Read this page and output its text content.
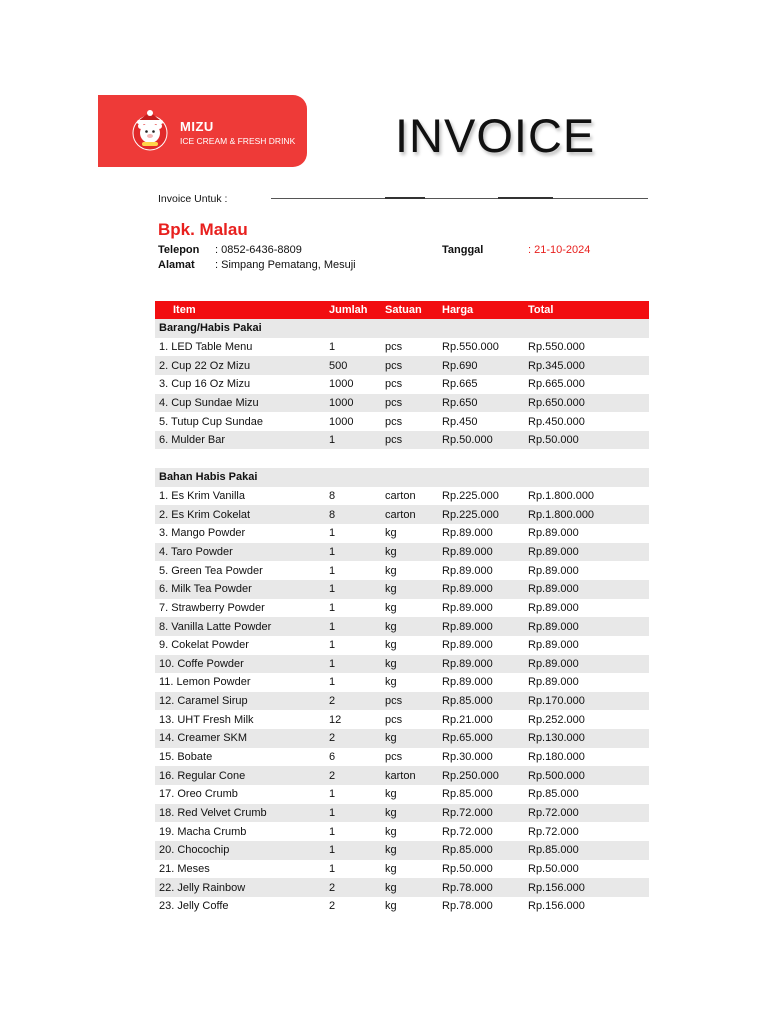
MIZU
ICE CREAM & FRESH DRINK INVOICE
Invoice Untuk :
Bpk. Malau
Telepon : 0852-6436-8809
Alamat : Simpang Pematang, Mesuji
Tanggal	: 21-10-2024
Item	Jumlah	Satuan	Harga	Total
Barang/Habis Pakai				
1. LED Table Menu	1	pcs	Rp.550.000	Rp.550.000
2. Cup 22 Oz Mizu	500	pcs	Rp.690	Rp.345.000
3. Cup 16 Oz Mizu	1000	pcs	Rp.665	Rp.665.000
4. Cup Sundae Mizu	1000	pcs	Rp.650	Rp.650.000
5. Tutup Cup Sundae	1000	pcs	Rp.450	Rp.450.000
6. Mulder Bar	1	pcs	Rp.50.000	Rp.50.000

Bahan Habis Pakai				
1. Es Krim Vanilla	8	carton	Rp.225.000	Rp.1.800.000
2. Es Krim Cokelat	8	carton	Rp.225.000	Rp.1.800.000
3. Mango Powder	1	kg	Rp.89.000	Rp.89.000
4. Taro Powder	1	kg	Rp.89.000	Rp.89.000
5. Green Tea Powder	1	kg	Rp.89.000	Rp.89.000
6. Milk Tea Powder	1	kg	Rp.89.000	Rp.89.000
7. Strawberry Powder	1	kg	Rp.89.000	Rp.89.000
8. Vanilla Latte Powder	1	kg	Rp.89.000	Rp.89.000
9. Cokelat Powder	1	kg	Rp.89.000	Rp.89.000
10. Coffe Powder	1	kg	Rp.89.000	Rp.89.000
11. Lemon Powder	1	kg	Rp.89.000	Rp.89.000
12. Caramel Sirup	2	pcs	Rp.85.000	Rp.170.000
13. UHT Fresh Milk	12	pcs	Rp.21.000	Rp.252.000
14. Creamer SKM	2	kg	Rp.65.000	Rp.130.000
15. Bobate	6	pcs	Rp.30.000	Rp.180.000
16. Regular Cone	2	karton	Rp.250.000	Rp.500.000
17. Oreo Crumb	1	kg	Rp.85.000	Rp.85.000
18. Red Velvet Crumb	1	kg	Rp.72.000	Rp.72.000
19. Macha Crumb	1	kg	Rp.72.000	Rp.72.000
20. Chocochip	1	kg	Rp.85.000	Rp.85.000
21. Meses	1	kg	Rp.50.000	Rp.50.000
22. Jelly Rainbow	2	kg	Rp.78.000	Rp.156.000
23. Jelly Coffe	2	kg	Rp.78.000	Rp.156.000
